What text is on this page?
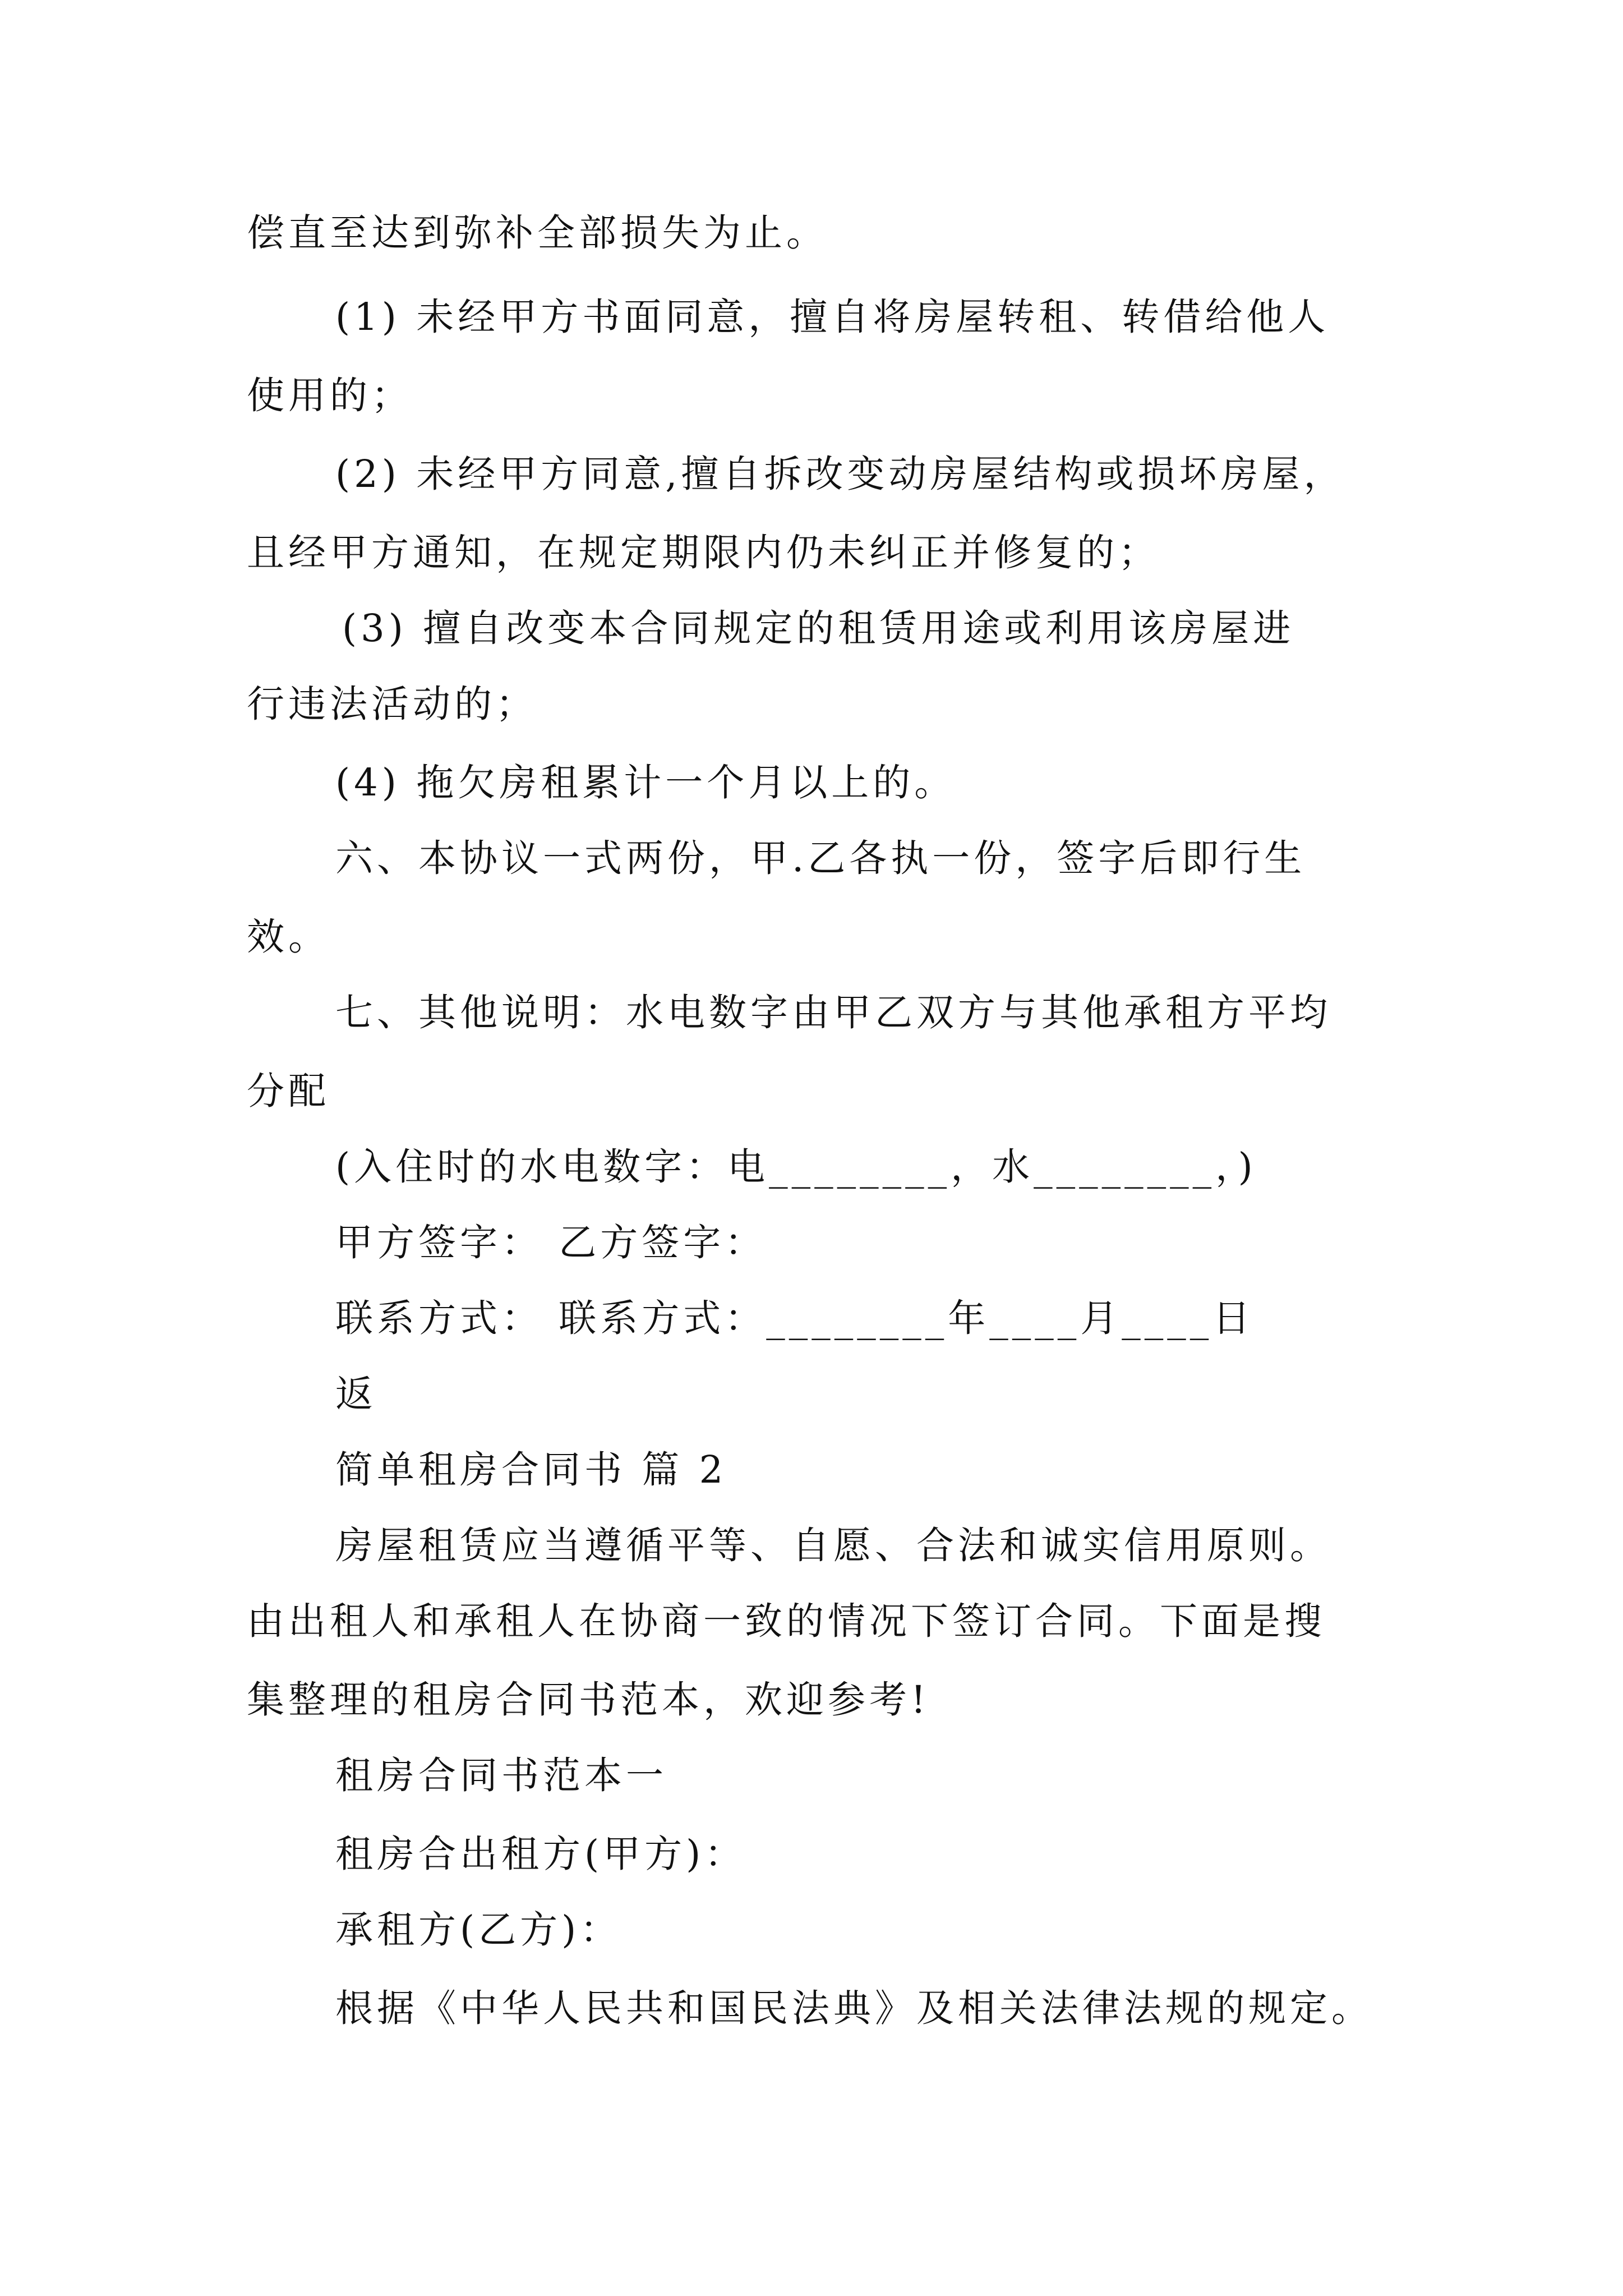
偿直至达到弥补全部损失为止。
(1) 未经甲方书面同意，擅自将房屋转租、转借给他人
使用的；
(2) 未经甲方同意,擅自拆改变动房屋结构或损坏房屋，
且经甲方通知，在规定期限内仍未纠正并修复的；
(3) 擅自改变本合同规定的租赁用途或利用该房屋进
行违法活动的；
(4) 拖欠房租累计一个月以上的。
六、本协议一式两份，甲.乙各执一份，签字后即行生
效。
七、其他说明：水电数字由甲乙双方与其他承租方平均
分配
(入住时的水电数字：电________，水________，)
甲方签字： 乙方签字：
联系方式： 联系方式：________年____月____日
返
简单租房合同书 篇 2
房屋租赁应当遵循平等、自愿、合法和诚实信用原则。
由出租人和承租人在协商一致的情况下签订合同。下面是搜
集整理的租房合同书范本，欢迎参考!
租房合同书范本一
租房合出租方(甲方)：
承租方(乙方)：
根据《中华人民共和国民法典》及相关法律法规的规定。
